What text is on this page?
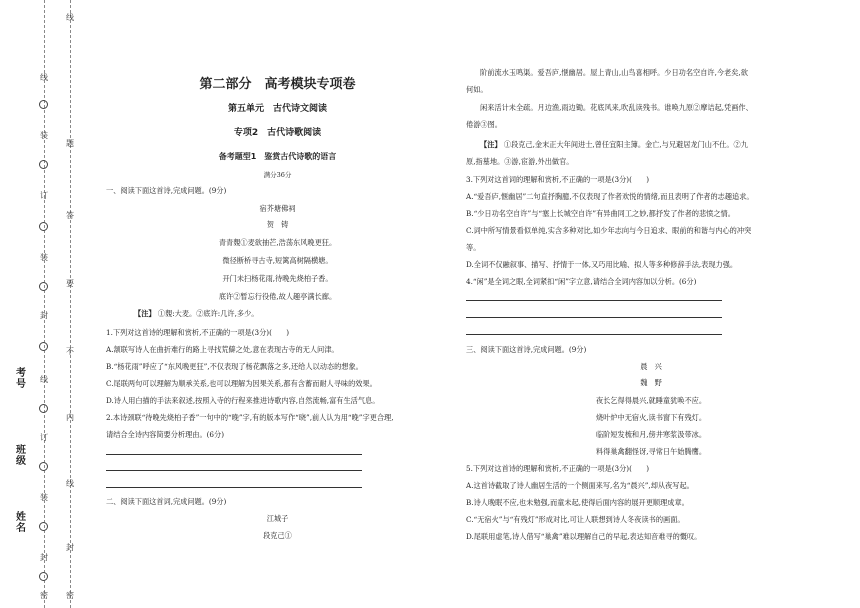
考号
班级
姓名
线
装
订
装
封
线
订
装
封
密
线
题
答
要
不
内
线
封
密
第二部分　高考模块专项卷
第五单元　古代诗文阅读
专项2　古代诗歌阅读
备考题型1　鉴赏古代诗歌的语言
满分36分
一、阅读下面这首诗,完成问题。(9分)
宿芥塘佛祠
贺　铸
青青麲①麦欲抽芒,浩荡东风晚更狂。
微径断桥寻古寺,短篱高树隔横塘。
开门未扫杨花雨,待晚先烧柏子香。
底许②暂忘行役倦,故人趣亭满长廊。
【注】 ①麲:大麦。②底许:几许,多少。
1.下列对这首诗的理解和赏析,不正确的一项是(3分)(　　)
A.颔联写诗人在曲折难行的路上寻找荒僻之处,意在表现古寺的无人问津。
B.“杨花雨”呼应了“东风晚更狂”,不仅表现了杨花飘落之多,还给人以动态的想象。
C.尾联两句可以理解为顺承关系,也可以理解为因果关系,都有含蓄而耐人寻味的效果。
D.诗人用白描的手法来叙述,按照入寺的行程来推进诗歌内容,自然流畅,富有生活气息。
2.本诗颈联“待晚先烧柏子香”一句中的“晚”字,有的版本写作“晓”,前人认为用“晚”字更合理,
请结合全诗内容简要分析理由。(6分)
二、阅读下面这首词,完成问题。(9分)
江城子
段克己①
阶前流水玉鸣渠。爱吾庐,惬幽居。屋上青山,山鸟喜相呼。少日功名空自许,今老矣,欲
何如。
闲来活计未全疏。月边渔,雨边锄。花底风来,吹乱读残书。谁唤九原②摩诘起,凭画作、
倦游③图。
【注】 ①段克己,金末正大年间进士,曾任宜阳主簿。金亡,与兄避居龙门山不仕。②九
原,指墓地。③游,宦游,外出做官。
3.下列对这首词的理解和赏析,不正确的一项是(3分)(　　)
A.“爱吾庐,惬幽居”二句直抒胸臆,不仅表现了作者欢悦的情绪,而且表明了作者的志趣追求。
B.“少日功名空自许”与“塞上长城空自许”有异曲同工之妙,都抒发了作者的悲愤之情。
C.词中所写情景看似单纯,实含多种对比,如少年志向与今日追求、眼前的和谐与内心的冲突
等。
D.全词不仅融叙事、描写、抒情于一体,又巧用比喻、拟人等多种修辞手法,表现力强。
4.“闲”是全词之眼,全词紧扣“闲”字立意,请结合全词内容加以分析。(6分)
三、阅读下面这首诗,完成问题。(9分)
晨　兴
魏　野
夜长乞得得晨兴,就睡童犹唤不应。
烧叶炉中无宿火,读书窗下有残灯。
临阶短发梳和月,傍井寒浆汲带冰。
料得巢禽翻怪讶,寻常日午始腾鹰。
5.下列对这首诗的理解和赏析,不正确的一项是(3分)(　　)
A.这首诗截取了诗人幽居生活的一个侧面来写,名为“晨兴”,却从夜写起。
B.诗人晚眠不应,也未勉强,而童未起,使得后面内容的展开更顺理成章。
C.“无宿火”与“有残灯”形成对比,可让人联想到诗人冬夜读书的画面。
D.尾联用虚笔,诗人借写“巢禽”难以理解自己的早起,表达知音难寻的慨叹。
